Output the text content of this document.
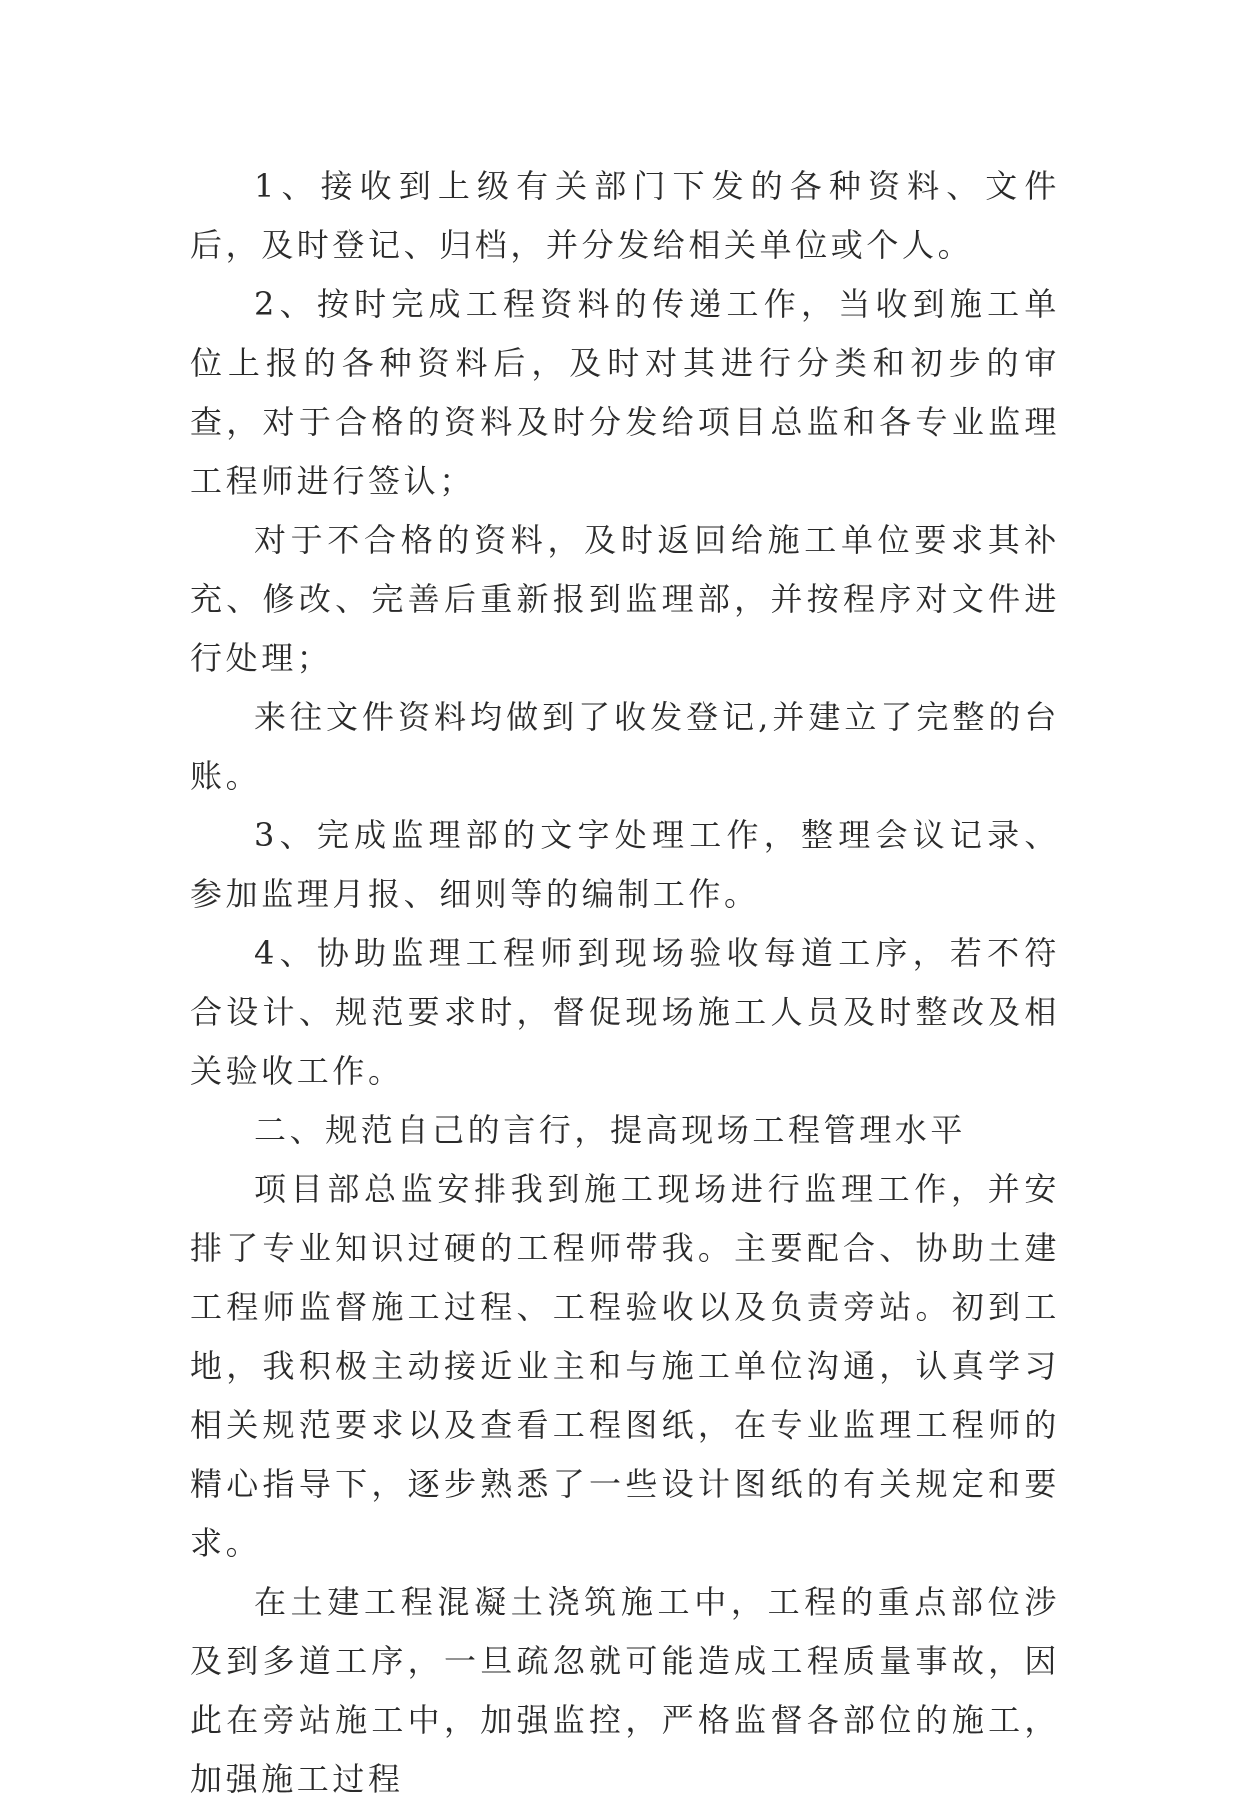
1、接收到上级有关部门下发的各种资料、文件后，及时登记、归档，并分发给相关单位或个人。

2、按时完成工程资料的传递工作，当收到施工单位上报的各种资料后，及时对其进行分类和初步的审查，对于合格的资料及时分发给项目总监和各专业监理工程师进行签认；

对于不合格的资料，及时返回给施工单位要求其补充、修改、完善后重新报到监理部，并按程序对文件进行处理；

来往文件资料均做到了收发登记,并建立了完整的台账。

3、完成监理部的文字处理工作，整理会议记录、参加监理月报、细则等的编制工作。

4、协助监理工程师到现场验收每道工序，若不符合设计、规范要求时，督促现场施工人员及时整改及相关验收工作。

二、规范自己的言行，提高现场工程管理水平

项目部总监安排我到施工现场进行监理工作，并安排了专业知识过硬的工程师带我。主要配合、协助土建工程师监督施工过程、工程验收以及负责旁站。初到工地，我积极主动接近业主和与施工单位沟通，认真学习相关规范要求以及查看工程图纸，在专业监理工程师的精心指导下，逐步熟悉了一些设计图纸的有关规定和要求。

在土建工程混凝土浇筑施工中，工程的重点部位涉及到多道工序，一旦疏忽就可能造成工程质量事故，因此在旁站施工中，加强监控，严格监督各部位的施工，加强施工过程
